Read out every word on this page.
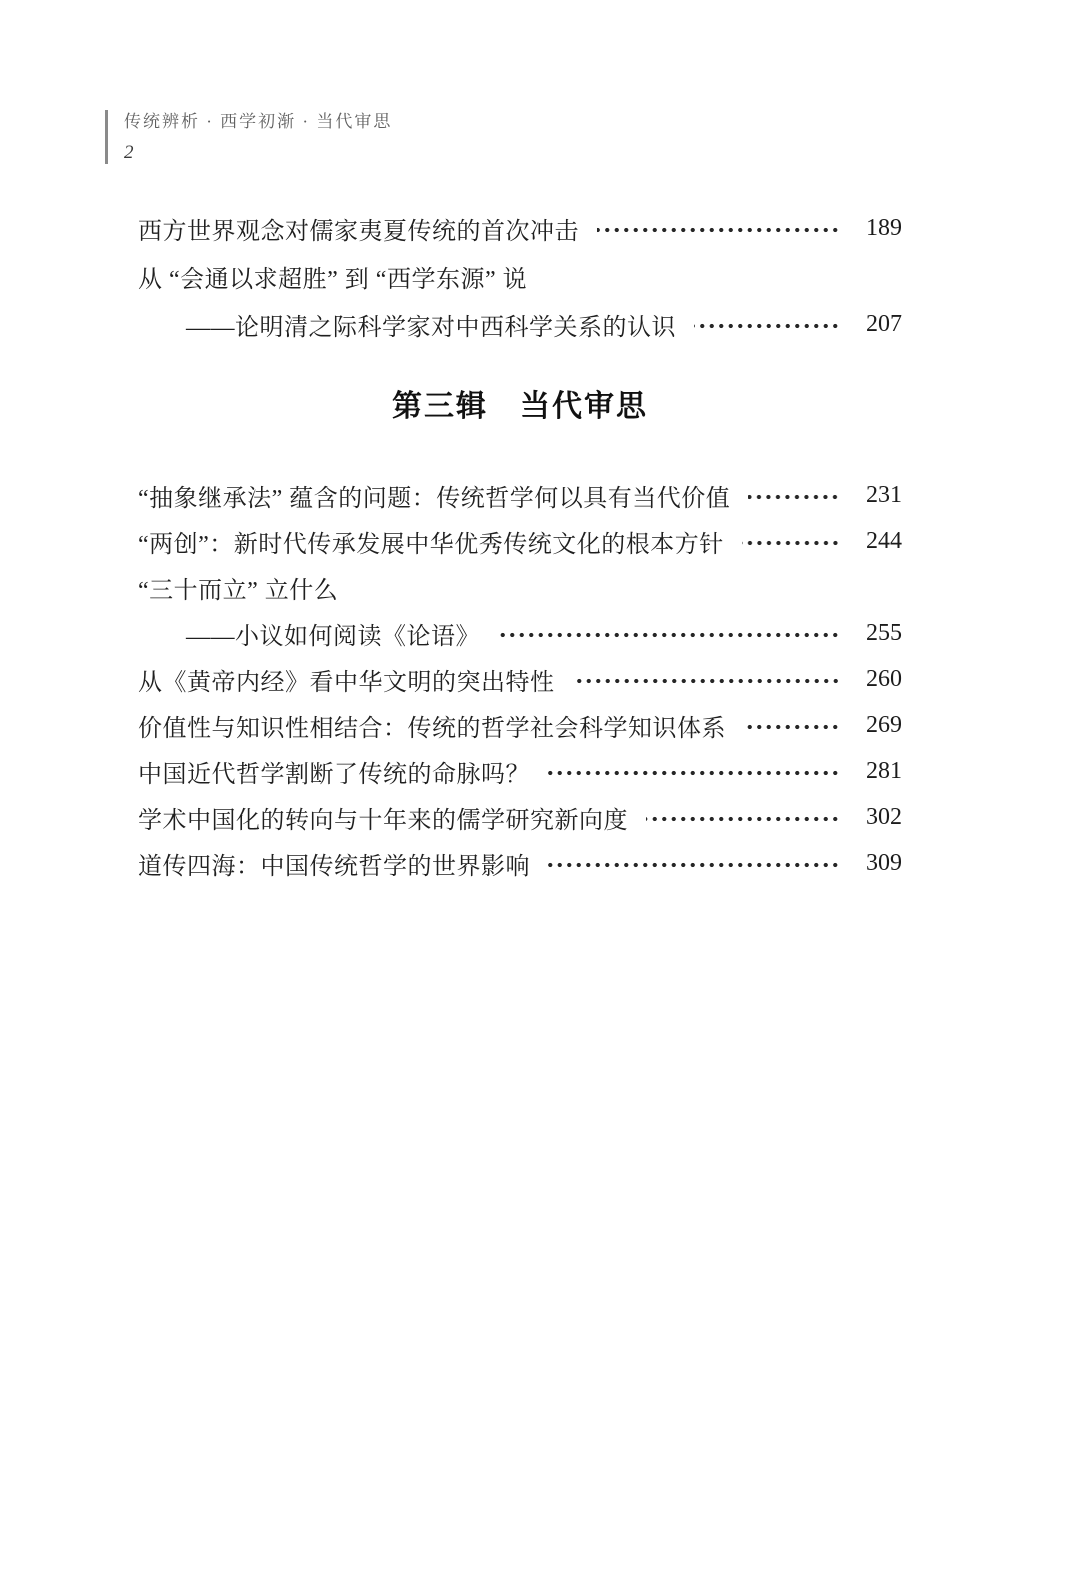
传统辨析 · 西学初渐 · 当代审思
2
西方世界观念对儒家夷夏传统的首次冲击	189
从 “会通以求超胜” 到 “西学东源” 说
——论明清之际科学家对中西科学关系的认识	207
第三辑　当代审思
“抽象继承法” 蕴含的问题：传统哲学何以具有当代价值	231
“两创”：新时代传承发展中华优秀传统文化的根本方针	244
“三十而立” 立什么
——小议如何阅读《论语》	255
从《黄帝内经》看中华文明的突出特性	260
价值性与知识性相结合：传统的哲学社会科学知识体系	269
中国近代哲学割断了传统的命脉吗？	281
学术中国化的转向与十年来的儒学研究新向度	302
道传四海：中国传统哲学的世界影响	309
